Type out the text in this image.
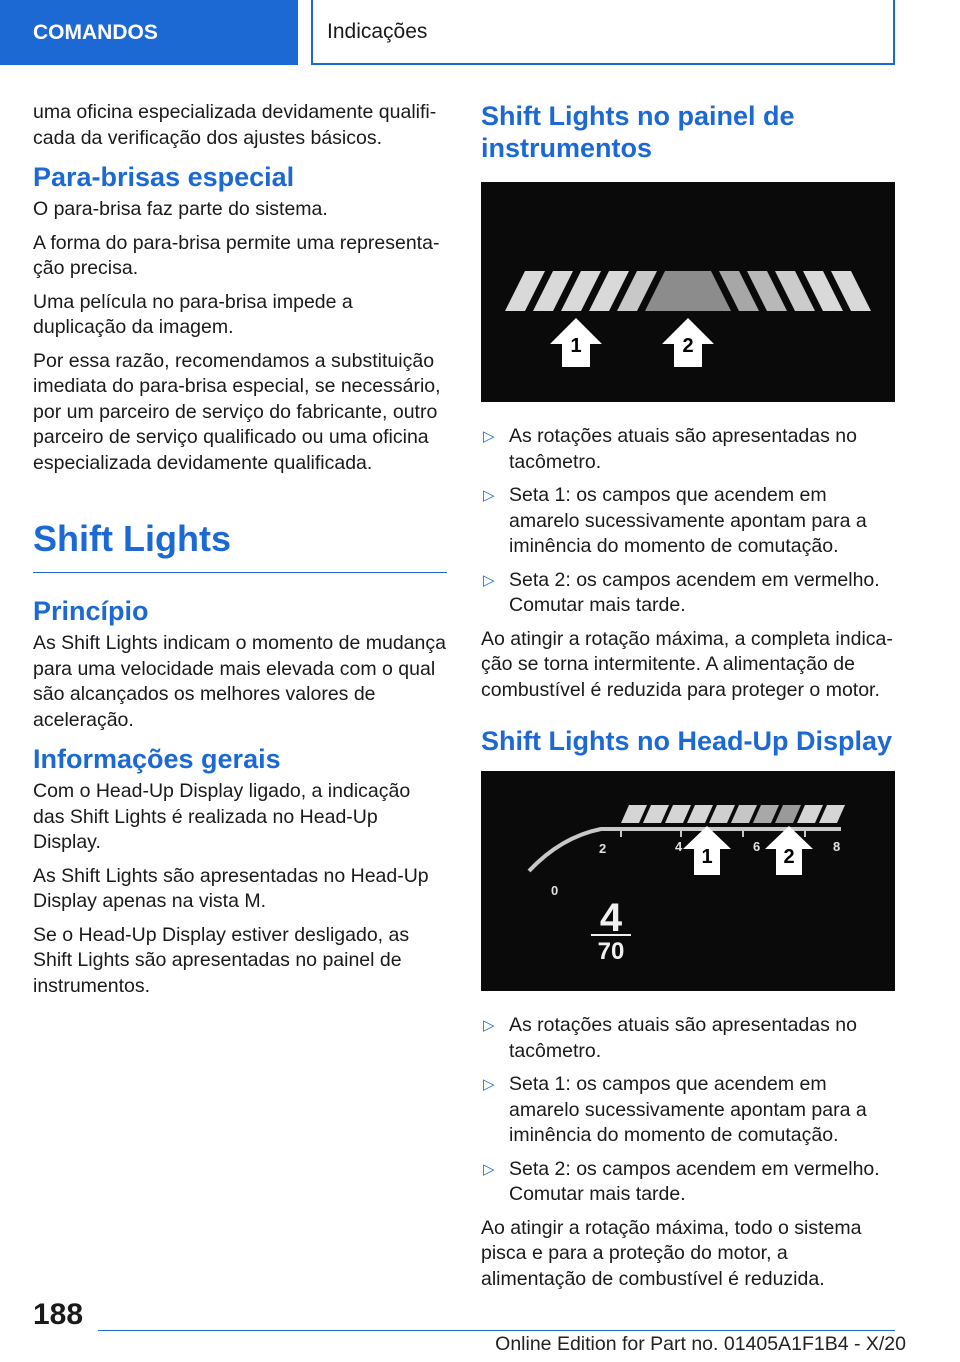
COMANDOS	Indicações

uma oficina especializada devidamente qualificada da verificação dos ajustes básicos.

Para-brisas especial

O para-brisa faz parte do sistema.

A forma do para-brisa permite uma representação precisa.

Uma película no para-brisa impede a duplicação da imagem.

Por essa razão, recomendamos a substituição imediata do para-brisa especial, se necessário, por um parceiro de serviço do fabricante, outro parceiro de serviço qualificado ou uma oficina especializada devidamente qualificada.

Shift Lights
Princípio

As Shift Lights indicam o momento de mudança para uma velocidade mais elevada com o qual são alcançados os melhores valores de aceleração.

Informações gerais

Com o Head-Up Display ligado, a indicação das Shift Lights é realizada no Head-Up Display.

As Shift Lights são apresentadas no Head-Up Display apenas na vista M.

Se o Head-Up Display estiver desligado, as Shift Lights são apresentadas no painel de instrumentos.

Shift Lights no painel de instrumentos
1	2
▷ As rotações atuais são apresentadas no tacômetro.
▷ Seta 1: os campos que acendem em amarelo sucessivamente apontam para a iminência do momento de comutação.
▷ Seta 2: os campos acendem em vermelho. Comutar mais tarde.

Ao atingir a rotação máxima, a completa indicação se torna intermitente. A alimentação de combustível é reduzida para proteger o motor.

Shift Lights no Head-Up Display
0
2	4	6	8
1	2
4
70
▷ As rotações atuais são apresentadas no tacômetro.
▷ Seta 1: os campos que acendem em amarelo sucessivamente apontam para a iminência do momento de comutação.
▷ Seta 2: os campos acendem em vermelho. Comutar mais tarde.

Ao atingir a rotação máxima, todo o sistema pisca e para a proteção do motor, a alimentação de combustível é reduzida.

188
Online Edition for Part no. 01405A1F1B4 - X/20
